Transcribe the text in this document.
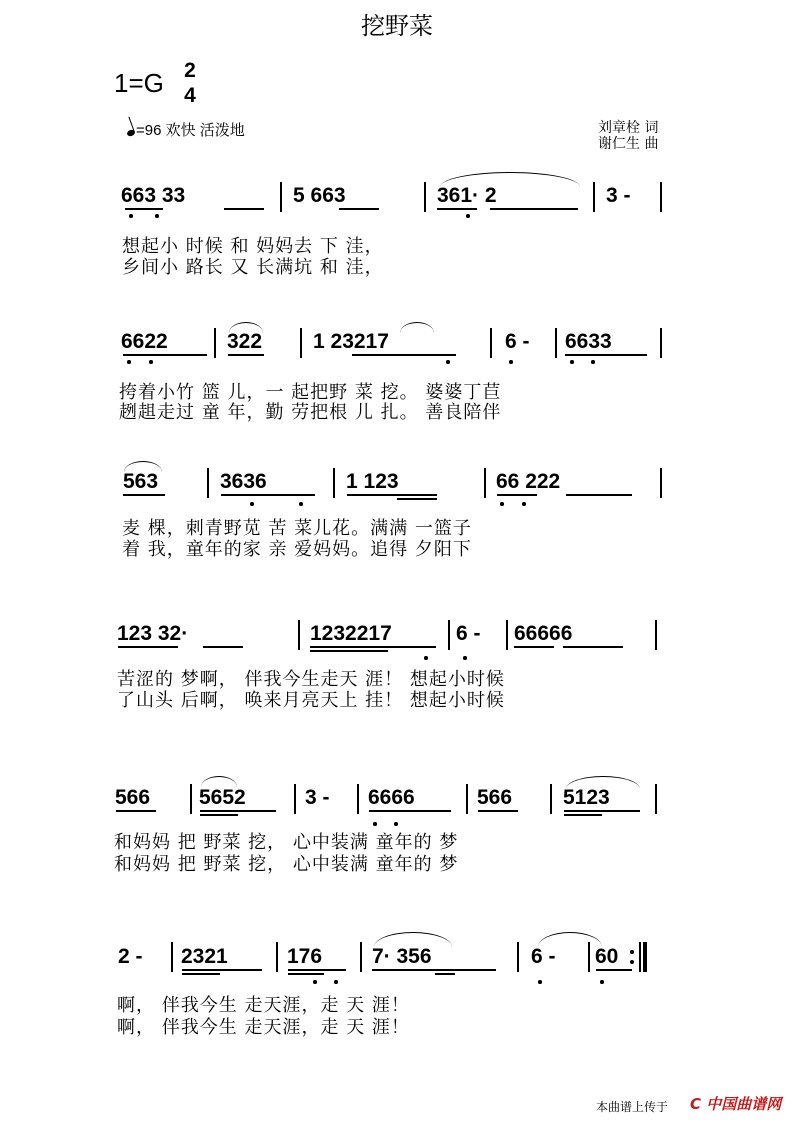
挖野菜
1=G 2
4
=96 欢快 活泼地	刘章栓 词
谢仁生 曲
663 33	5 663	361· 2	3 -
想起小 时候 和 妈妈去 下 洼，
乡间小 路长 又 长满坑 和 洼，
6622	322 1 23217	6 - 6633
挎着小竹 篮 儿，一 起把野 菜 挖。 婆婆丁苣
趔趄走过 童 年，勤 劳把根 儿 扎。 善良陪伴
563	3636	1 123	66 222
麦 棵，刺青野苋 苦 菜儿花。满满 一篮子
着 我，童年的家 亲 爱妈妈。追得 夕阳下
123 32·	1232217	6 - 66666
苦涩的 梦啊， 伴我今生走天 涯！ 想起小时候
了山头 后啊， 唤来月亮天上 挂！ 想起小时候
566 5652	3 - 6666	566 5123
和妈妈 把 野菜 挖， 心中装满 童年的 梦
和妈妈 把 野菜 挖， 心中装满 童年的 梦
2 - 2321	176 7· 356	6 - 60
啊， 伴我今生 走天涯，走 天 涯！
啊， 伴我今生 走天涯，走 天 涯！
本曲谱上传于 C 中国曲谱网
